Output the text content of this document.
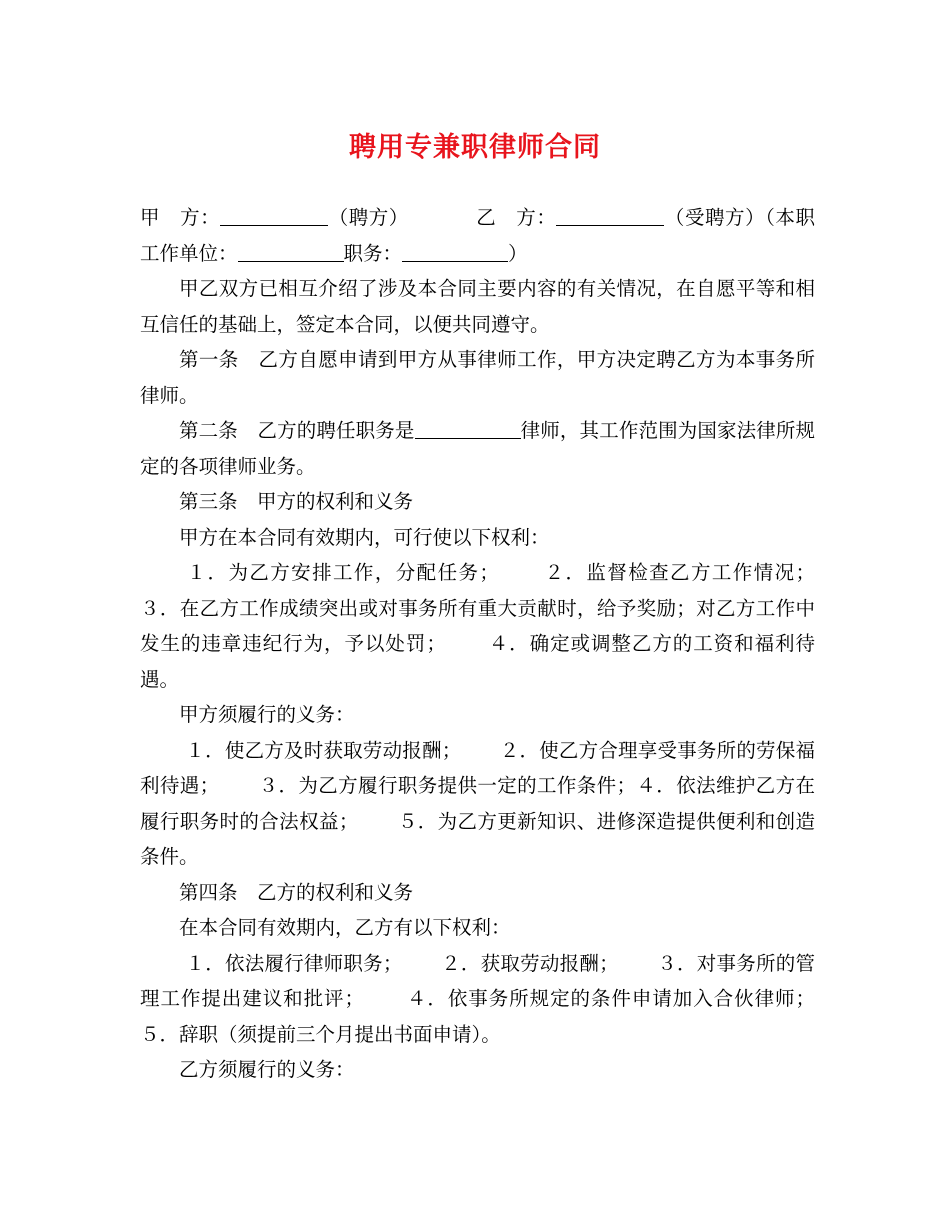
聘用专兼职律师合同

甲　方：	（聘方）	乙　方：	（受聘方）（本职工作单位：	职务：	）

甲乙双方已相互介绍了涉及本合同主要内容的有关情况，在自愿平等和相互信任的基础上，签定本合同，以便共同遵守。

第一条　乙方自愿申请到甲方从事律师工作，甲方决定聘乙方为本事务所律师。

第二条　乙方的聘任职务是	律师，其工作范围为国家法律所规定的各项律师业务。

第三条　甲方的权利和义务

甲方在本合同有效期内，可行使以下权利：

１．为乙方安排工作，分配任务；      ２．监督检查乙方工作情况；      ３．在乙方工作成绩突出或对事务所有重大贡献时，给予奖励；对乙方工作中发生的违章违纪行为，予以处罚；      ４．确定或调整乙方的工资和福利待遇。

甲方须履行的义务：

１．使乙方及时获取劳动报酬；      ２．使乙方合理享受事务所的劳保福利待遇；      ３．为乙方履行职务提供一定的工作条件；４．依法维护乙方在履行职务时的合法权益；      ５．为乙方更新知识、进修深造提供便利和创造条件。

第四条　乙方的权利和义务

在本合同有效期内，乙方有以下权利：

１．依法履行律师职务；      ２．获取劳动报酬；      ３．对事务所的管理工作提出建议和批评；      ４．依事务所规定的条件申请加入合伙律师；      ５．辞职（须提前三个月提出书面申请）。

乙方须履行的义务：
